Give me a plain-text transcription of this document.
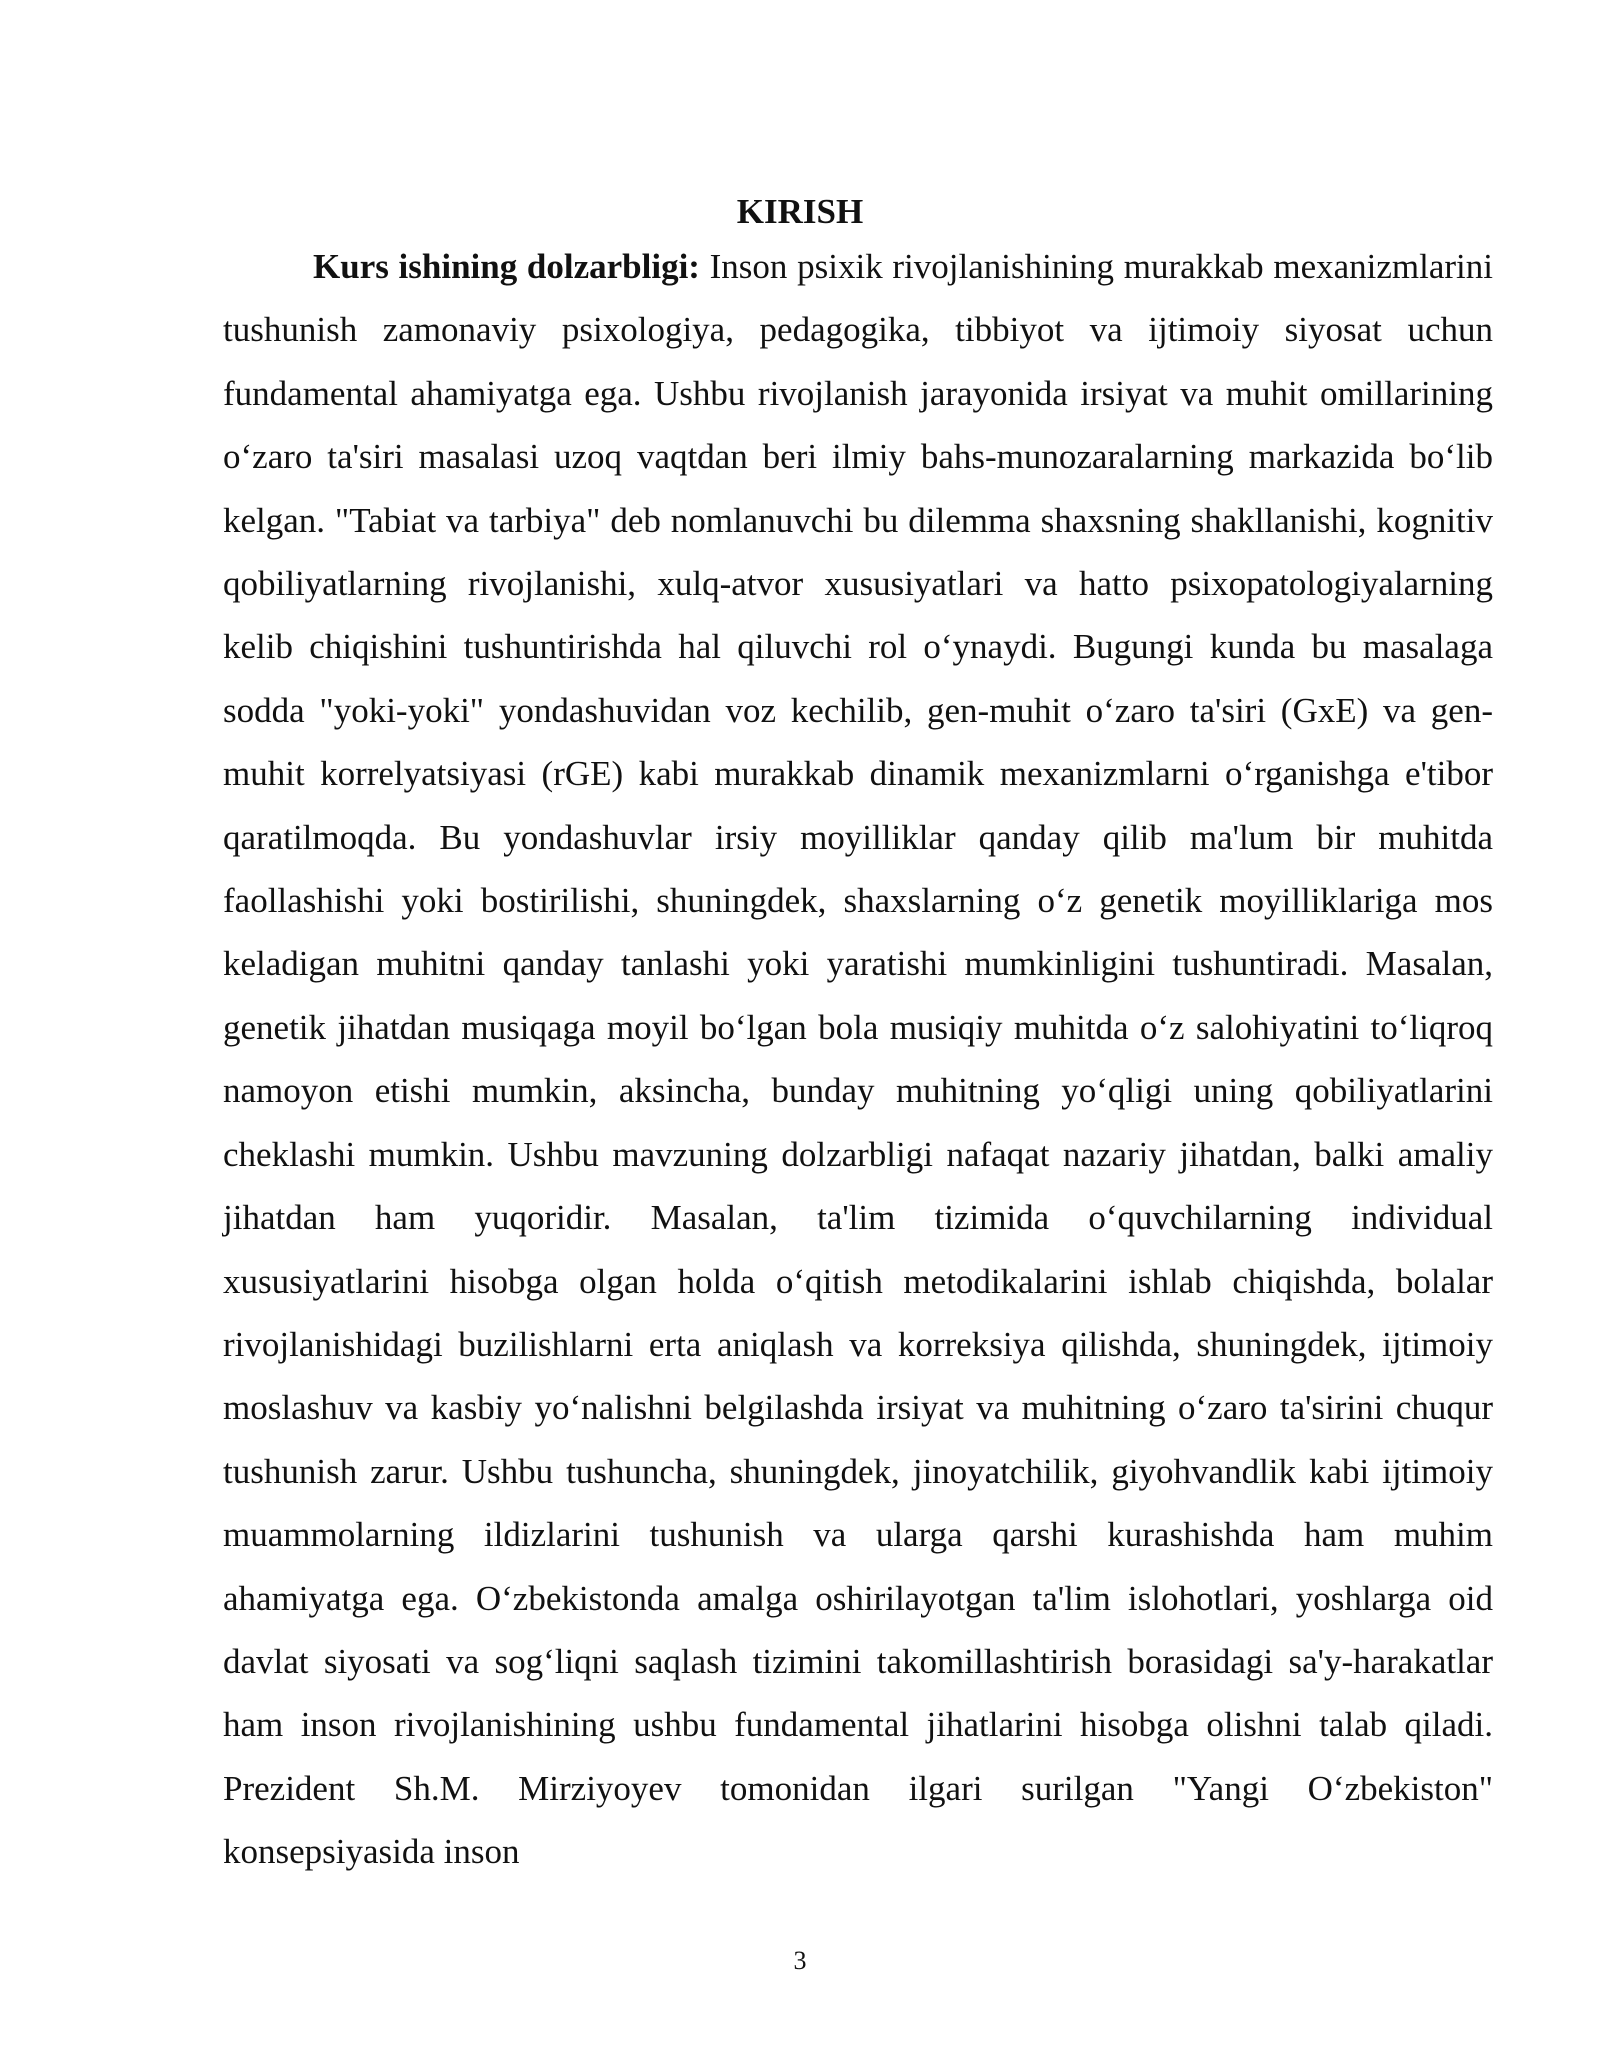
KIRISH

Kurs ishining dolzarbligi: Inson psixik rivojlanishining murakkab mexanizmlarini tushunish zamonaviy psixologiya, pedagogika, tibbiyot va ijtimoiy siyosat uchun fundamental ahamiyatga ega. Ushbu rivojlanish jarayonida irsiyat va muhit omillarining o‘zaro ta'siri masalasi uzoq vaqtdan beri ilmiy bahs-munozaralarning markazida bo‘lib kelgan. "Tabiat va tarbiya" deb nomlanuvchi bu dilemma shaxsning shakllanishi, kognitiv qobiliyatlarning rivojlanishi, xulq-atvor xususiyatlari va hatto psixopatologiyalarning kelib chiqishini tushuntirishda hal qiluvchi rol o‘ynaydi. Bugungi kunda bu masalaga sodda "yoki-yoki" yondashuvidan voz kechilib, gen-muhit o‘zaro ta'siri (GxE) va gen-muhit korrelyatsiyasi (rGE) kabi murakkab dinamik mexanizmlarni o‘rganishga e'tibor qaratilmoqda. Bu yondashuvlar irsiy moyilliklar qanday qilib ma'lum bir muhitda faollashishi yoki bostirilishi, shuningdek, shaxslarning o‘z genetik moyilliklariga mos keladigan muhitni qanday tanlashi yoki yaratishi mumkinligini tushuntiradi. Masalan, genetik jihatdan musiqaga moyil bo‘lgan bola musiqiy muhitda o‘z salohiyatini to‘liqroq namoyon etishi mumkin, aksincha, bunday muhitning yo‘qligi uning qobiliyatlarini cheklashi mumkin. Ushbu mavzuning dolzarbligi nafaqat nazariy jihatdan, balki amaliy jihatdan ham yuqoridir. Masalan, ta'lim tizimida o‘quvchilarning individual xususiyatlarini hisobga olgan holda o‘qitish metodikalarini ishlab chiqishda, bolalar rivojlanishidagi buzilishlarni erta aniqlash va korreksiya qilishda, shuningdek, ijtimoiy moslashuv va kasbiy yo‘nalishni belgilashda irsiyat va muhitning o‘zaro ta'sirini chuqur tushunish zarur. Ushbu tushuncha, shuningdek, jinoyatchilik, giyohvandlik kabi ijtimoiy muammolarning ildizlarini tushunish va ularga qarshi kurashishda ham muhim ahamiyatga ega. O‘zbekistonda amalga oshirilayotgan ta'lim islohotlari, yoshlarga oid davlat siyosati va sog‘liqni saqlash tizimini takomillashtirish borasidagi sa'y-harakatlar ham inson rivojlanishining ushbu fundamental jihatlarini hisobga olishni talab qiladi. Prezident Sh.M. Mirziyoyev tomonidan ilgari surilgan "Yangi O‘zbekiston" konsepsiyasida inson

3
